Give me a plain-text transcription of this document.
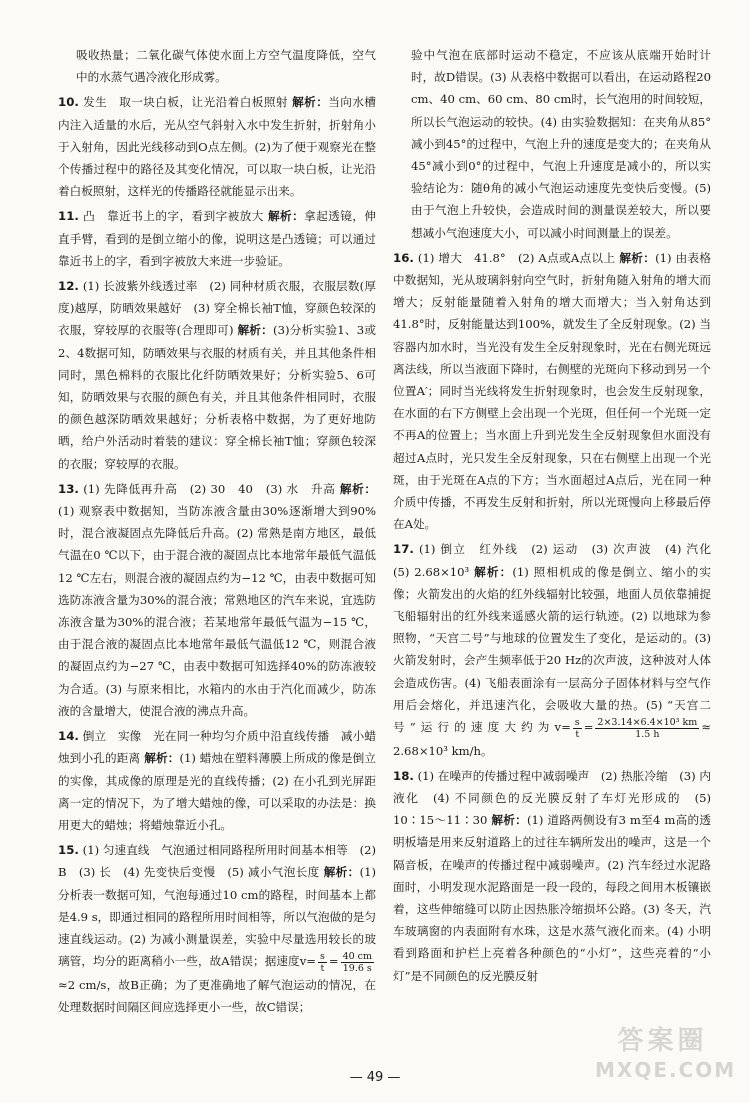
吸收热量；二氧化碳气体使水面上方空气温度降低，空气中的水蒸气遇冷液化形成雾。

10. 发生　取一块白板，让光沿着白板照射 解析：当向水槽内注入适量的水后，光从空气斜射入水中发生折射，折射角小于入射角，因此光线移动到O点左侧。(2)为了便于观察光在整个传播过程中的路径及其变化情况，可以取一块白板，让光沿着白板照射，这样光的传播路径就能显示出来。

11. 凸　靠近书上的字，看到字被放大 解析：拿起透镜，伸直手臂，看到的是倒立缩小的像，说明这是凸透镜；可以通过靠近书上的字，看到字被放大来进一步验证。

12. (1) 长波紫外线透过率　(2) 同种材质衣服，衣服层数(厚度)越厚，防晒效果越好　(3) 穿全棉长袖T恤，穿颜色较深的衣服，穿较厚的衣服等(合理即可) 解析：(3)分析实验1、3或2、4数据可知，防晒效果与衣服的材质有关，并且其他条件相同时，黑色棉料的衣服比化纤防晒效果好；分析实验5、6可知，防晒效果与衣服的颜色有关，并且其他条件相同时，衣服的颜色越深防晒效果越好；分析表格中数据，为了更好地防晒，给户外活动时着装的建议：穿全棉长袖T恤；穿颜色较深的衣服；穿较厚的衣服。

13. (1) 先降低再升高　(2) 30　40　(3) 水　升高 解析：(1) 观察表中数据知，当防冻液含量由30%逐渐增大到90%时，混合液凝固点先降低后升高。(2) 常熟是南方地区，最低气温在0 ℃以下，由于混合液的凝固点比本地常年最低气温低12 ℃左右，则混合液的凝固点约为−12 ℃，由表中数据可知选防冻液含量为30%的混合液；常熟地区的汽车来说，宜选防冻液含量为30%的混合液；若某地常年最低气温为−15 ℃，由于混合液的凝固点比本地常年最低气温低12 ℃，则混合液的凝固点约为−27 ℃，由表中数据可知选择40%的防冻液较为合适。(3) 与原来相比，水箱内的水由于汽化而减少，防冻液的含量增大，使混合液的沸点升高。

14. 倒立　实像　光在同一种均匀介质中沿直线传播　减小蜡烛到小孔的距离 解析：(1) 蜡烛在塑料薄膜上所成的像是倒立的实像，其成像的原理是光的直线传播；(2) 在小孔到光屏距离一定的情况下，为了增大蜡烛的像，可以采取的办法是：换用更大的蜡烛；将蜡烛靠近小孔。

15. (1) 匀速直线　气泡通过相同路程所用时间基本相等　(2) B　(3) 长　(4) 先变快后变慢　(5) 减小气泡长度 解析：(1) 分析表一数据可知，气泡每通过10 cm的路程，时间基本上都是4.9 s，即通过相同的路程所用时间相等，所以气泡做的是匀速直线运动。(2) 为减小测量误差，实验中尽量选用较长的玻璃管，均分的距离稍小一些，故A错误；据速度$v= \frac{s}{t} = \frac{40 cm}{19.6 s}$
≈2 cm/s，故B正确；为了更准确地了解气泡运动的情况，在处理数据时间隔区间应选择更小一些，故C错误；

验中气泡在底部时运动不稳定，不应该从底端开始时计时，故D错误。(3) 从表格中数据可以看出，在运动路程20 cm、40 cm、60 cm、80 cm时，长气泡用的时间较短，所以长气泡运动的较快。(4) 由实验数据知：在夹角从85°减小到45°的过程中，气泡上升的速度是变大的；在夹角从45°减小到0°的过程中，气泡上升速度是减小的，所以实验结论为：随θ角的减小气泡运动速度先变快后变慢。(5) 由于气泡上升较快，会造成时间的测量误差较大，所以要想减小气泡速度大小，可以减小时间测量上的误差。

16. (1) 增大　41.8°　(2) A点或A点以上 解析：(1) 由表格中数据知，光从玻璃斜射向空气时，折射角随入射角的增大而增大；反射能量随着入射角的增大而增大；当入射角达到41.8°时，反射能量达到100%，就发生了全反射现象。(2) 当容器内加水时，当光没有发生全反射现象时，光在右侧光斑远离法线，所以当液面下降时，右侧壁的光斑向下移动到另一个位置A′；同时当光线将发生折射现象时，也会发生反射现象，在水面的右下方侧壁上会出现一个光斑，但任何一个光斑一定不再A的位置上；当水面上升到光发生全反射现象但水面没有超过A点时，光只发生全反射现象，只在右侧壁上出现一个光斑，由于光斑在A点的下方；当水面超过A点后，光在同一种介质中传播，不再发生反射和折射，所以光斑慢向上移最后停在A处。

17. (1) 倒立　红外线　(2) 运动　(3) 次声波　(4) 汽化　(5) 2.68×10³ 解析：(1) 照相机成的像是倒立、缩小的实像；火箭发出的火焰的红外线辐射比较强，地面人员依靠捕捉飞船辐射出的红外线来遥感火箭的运行轨迹。(2) 以地球为参照物，“天宫二号”与地球的位置发生了变化，是运动的。(3) 火箭发射时，会产生频率低于20 Hz的次声波，这种波对人体会造成伤害。(4) 飞船表面涂有一层高分子固体材料与空气作用后会熔化，并迅速汽化，会吸收大量的热。(5) “天宫二号”运行的速度大约为$v= \frac{s}{t} = \frac{\text{2×3.14×6.4×10³ km}}{1.5 h} \approx 2.68\times 10^3$ km/h。

18. (1) 在噪声的传播过程中减弱噪声　(2) 热胀冷缩　(3) 内　液化　(4) 不同颜色的反光膜反射了车灯光形成的　(5) 10∶15～11∶30 解析：(1) 道路两侧设有3 m至4 m高的透明板墙是用来反射道路上的过往车辆所发出的噪声，这是一个隔音板，在噪声的传播过程中减弱噪声。(2) 汽车经过水泥路面时，小明发现水泥路面是一段一段的，每段之间用木板镶嵌着，这些伸缩缝可以防止因热胀冷缩损坏公路。(3) 冬天，汽车玻璃窗的内表面附有水珠，这是水蒸气液化而来。(4) 小明看到路面和护栏上亮着各种颜色的“小灯”，这些亮着的“小灯”是不同颜色的反光膜反射

— 49 —
答案圈
MXQE.COM
